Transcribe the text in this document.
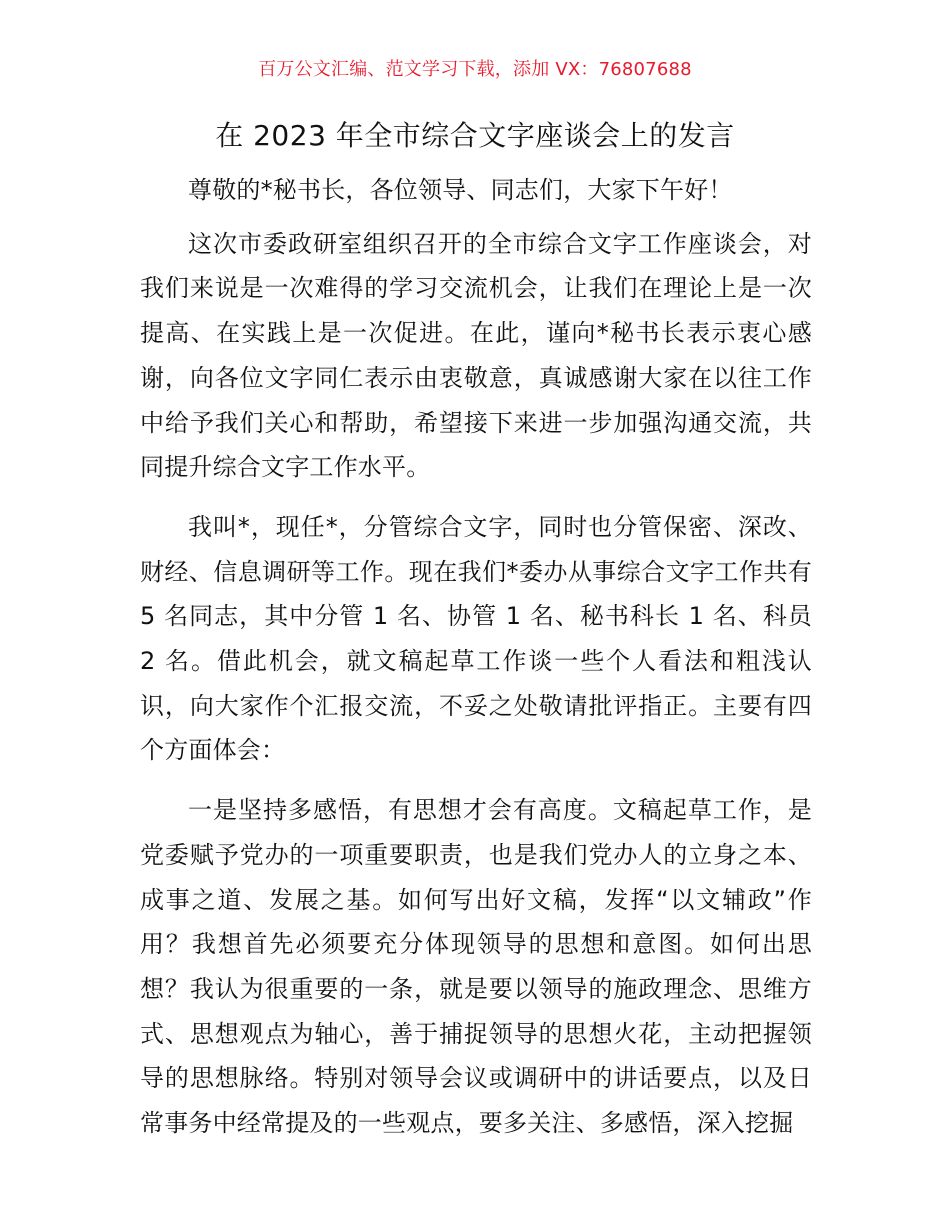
百万公文汇编、范文学习下载，添加 VX：76807688
在 2023 年全市综合文字座谈会上的发言

尊敬的*秘书长，各位领导、同志们，大家下午好！

这次市委政研室组织召开的全市综合文字工作座谈会，对我们来说是一次难得的学习交流机会，让我们在理论上是一次提高、在实践上是一次促进。在此，谨向*秘书长表示衷心感谢，向各位文字同仁表示由衷敬意，真诚感谢大家在以往工作中给予我们关心和帮助，希望接下来进一步加强沟通交流，共同提升综合文字工作水平。

我叫*，现任*，分管综合文字，同时也分管保密、深改、财经、信息调研等工作。现在我们*委办从事综合文字工作共有 5 名同志，其中分管 1 名、协管 1 名、秘书科长 1 名、科员 2 名。借此机会，就文稿起草工作谈一些个人看法和粗浅认识，向大家作个汇报交流，不妥之处敬请批评指正。主要有四个方面体会：

一是坚持多感悟，有思想才会有高度。文稿起草工作，是党委赋予党办的一项重要职责，也是我们党办人的立身之本、成事之道、发展之基。如何写出好文稿，发挥“以文辅政”作用？我想首先必须要充分体现领导的思想和意图。如何出思想？我认为很重要的一条，就是要以领导的施政理念、思维方式、思想观点为轴心，善于捕捉领导的思想火花，主动把握领导的思想脉络。特别对领导会议或调研中的讲话要点，以及日常事务中经常提及的一些观点，要多关注、多感悟，深入挖掘
